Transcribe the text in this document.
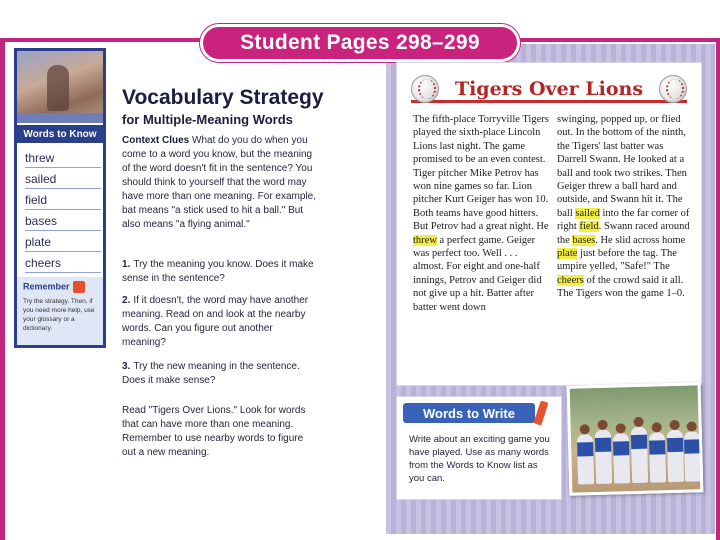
Student Pages 298–299
Words to Know
threw
sailed
field
bases
plate
cheers
Remember
Try the strategy. Then, if you need more help, use your glossary or a dictionary.
Vocabulary Strategy
for Multiple-Meaning Words
Context Clues What do you do when you come to a word you know, but the meaning of the word doesn't fit in the sentence? You should think to yourself that the word may have more than one meaning. For example, bat means "a stick used to hit a ball." But also means "a flying animal."
1. Try the meaning you know. Does it make sense in the sentence?
2. If it doesn't, the word may have another meaning. Read on and look at the nearby words. Can you figure out another meaning?
3. Try the new meaning in the sentence. Does it make sense?
Read "Tigers Over Lions." Look for words that can have more than one meaning. Remember to use nearby words to figure out a new meaning.
Tigers Over Lions
The fifth-place Torryville Tigers played the sixth-place Lincoln Lions last night. The game promised to be an even contest. Tiger pitcher Mike Petrov has won nine games so far. Lion pitcher Kurt Geiger has won 10. Both teams have good hitters. But Petrov had a great night. He threw a perfect game. Geiger was perfect too. Well . . . almost. For eight and one-half innings, Petrov and Geiger did not give up a hit. Batter after batter went down
swinging, popped up, or flied out. In the bottom of the ninth, the Tigers' last batter was Darrell Swann. He looked at a ball and took two strikes. Then Geiger threw a ball hard and outside, and Swann hit it. The ball sailed into the far corner of right field. Swann raced around the bases. He slid across home plate just before the tag. The umpire yelled, "Safe!" The cheers of the crowd said it all. The Tigers won the game 1–0.
Words to Write
Write about an exciting game you have played. Use as many words from the Words to Know list as you can.
